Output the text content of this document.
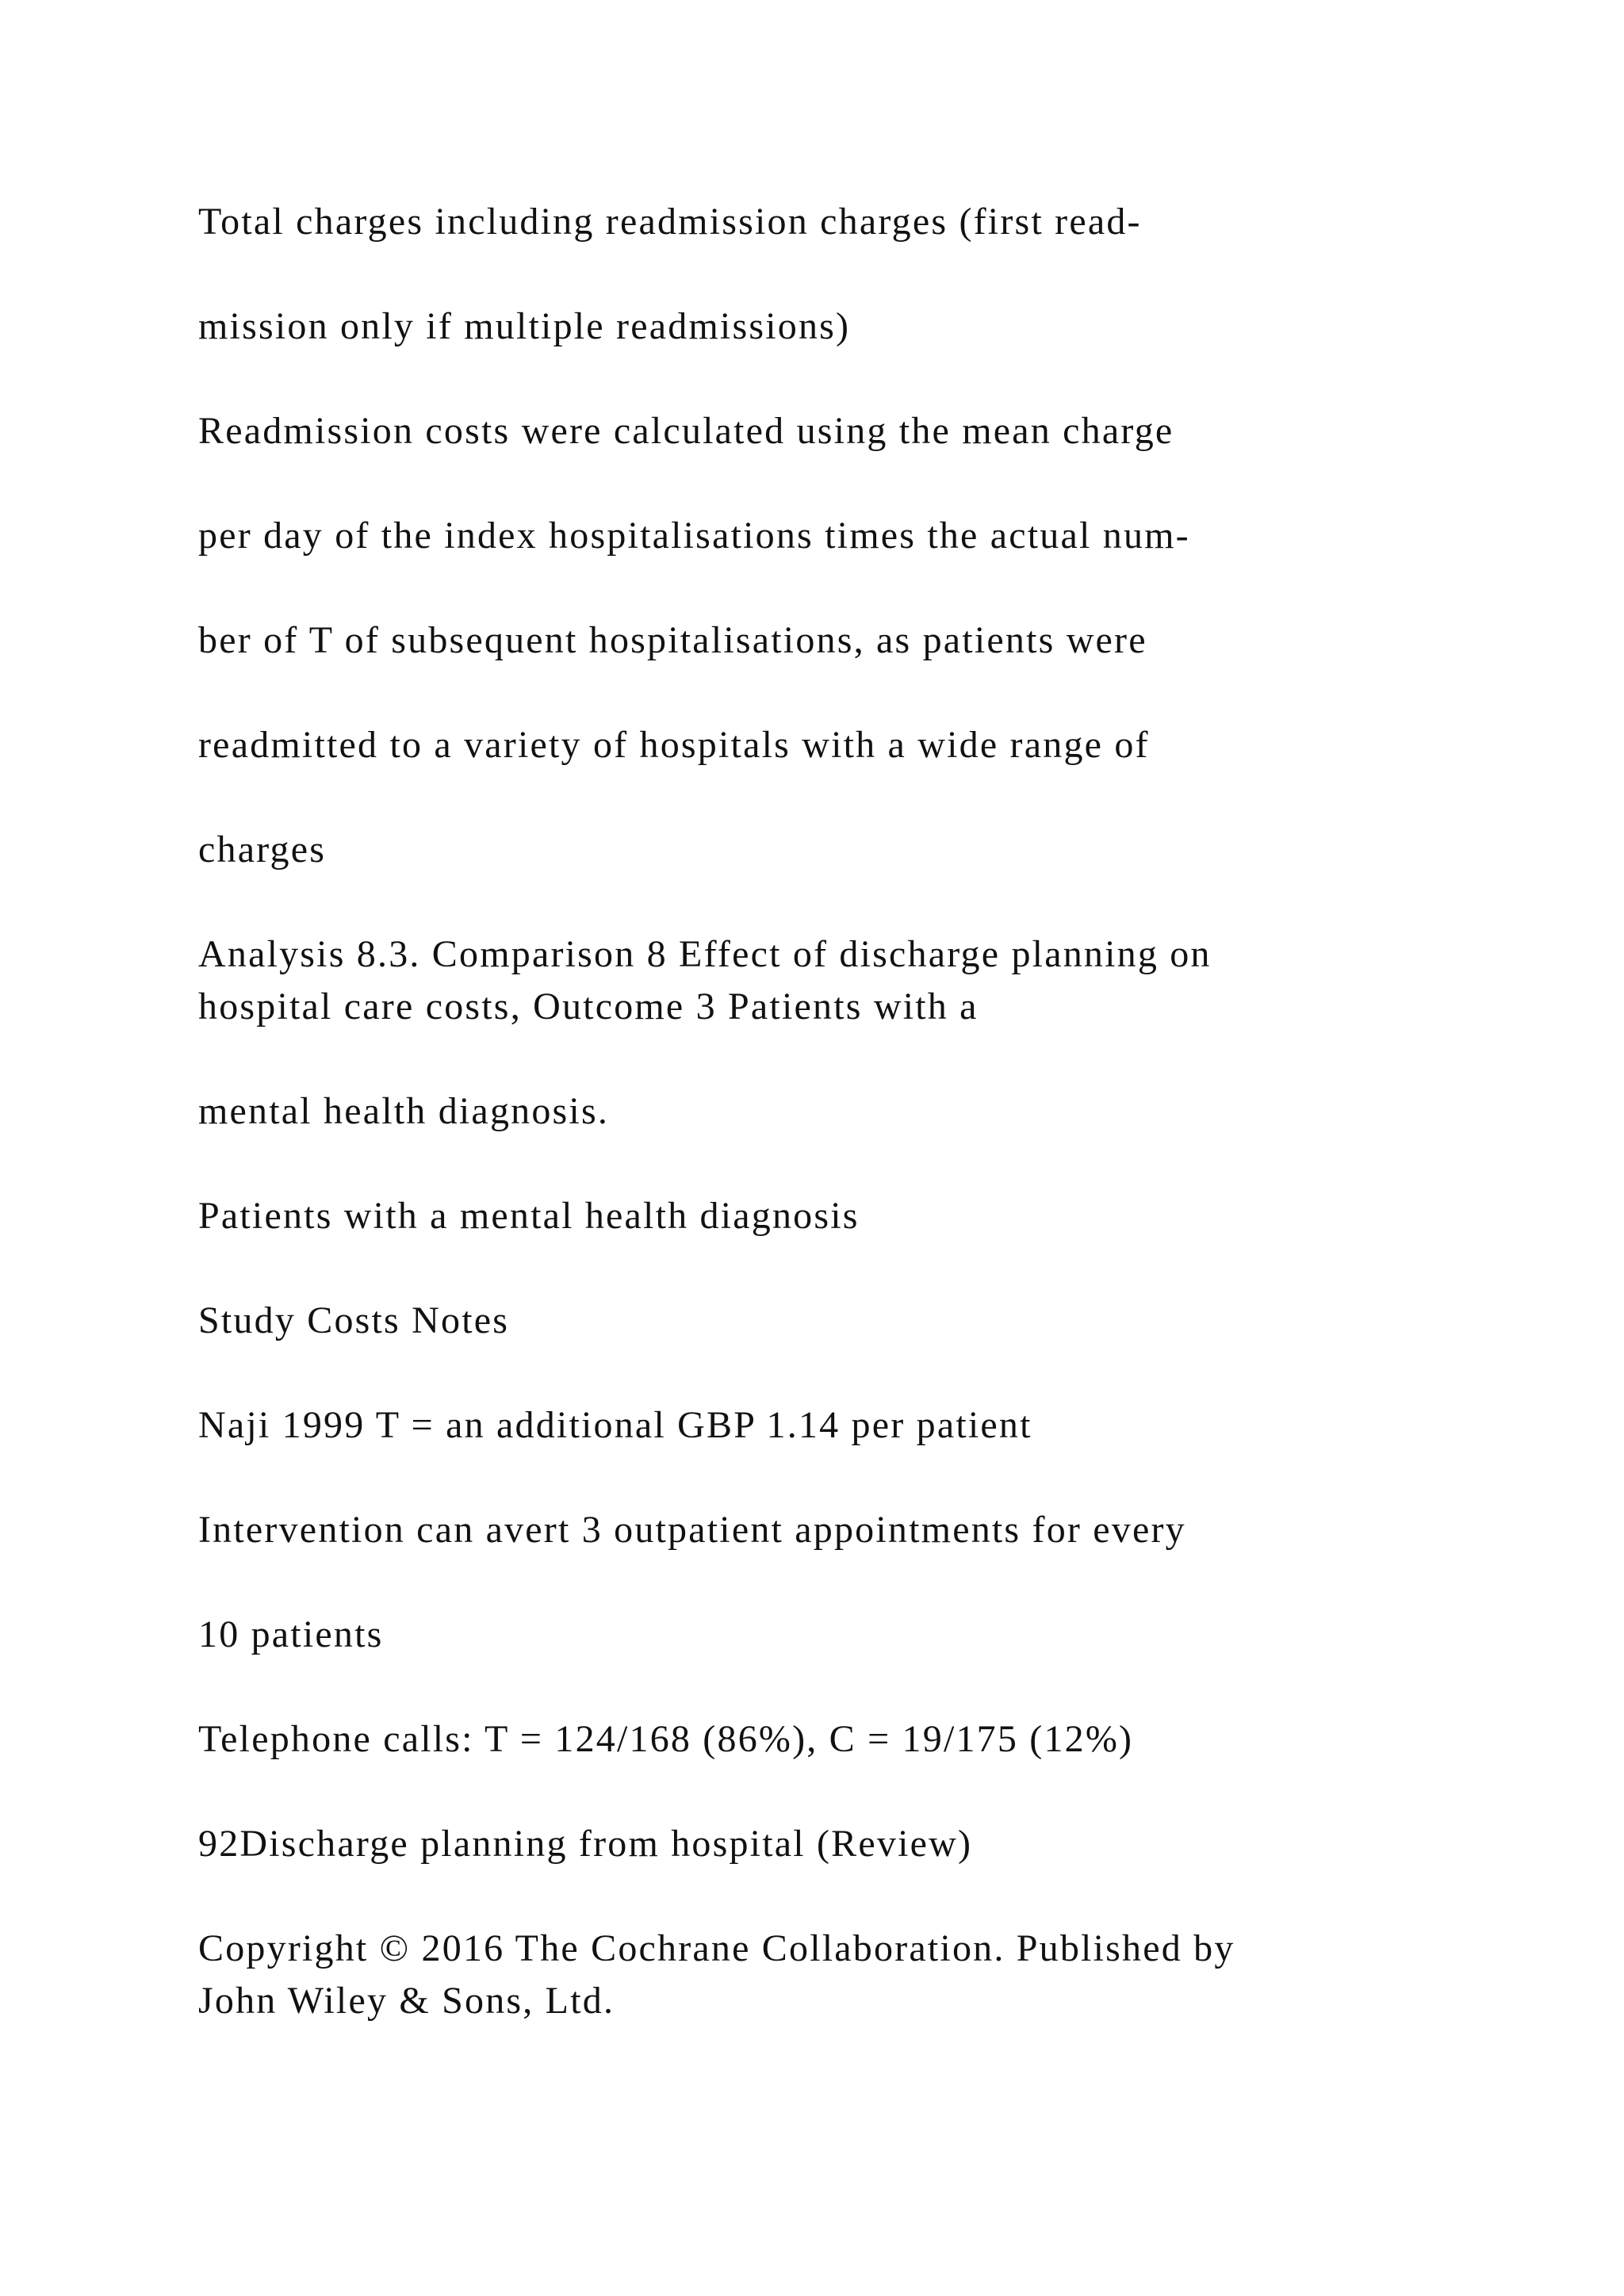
Total charges including readmission charges (first read-

mission only if multiple readmissions)

Readmission costs were calculated using the mean charge

per day of the index hospitalisations times the actual num-

ber of T of subsequent hospitalisations, as patients were

readmitted to a variety of hospitals with a wide range of

charges

Analysis 8.3. Comparison 8 Effect of discharge planning on

hospital care costs, Outcome 3 Patients with a

mental health diagnosis.

Patients with a mental health diagnosis

Study Costs Notes

Naji 1999 T = an additional GBP 1.14 per patient

Intervention can avert 3 outpatient appointments for every

10 patients

Telephone calls: T = 124/168 (86%), C = 19/175 (12%)

92Discharge planning from hospital (Review)

Copyright © 2016 The Cochrane Collaboration. Published by

John Wiley & Sons, Ltd.
